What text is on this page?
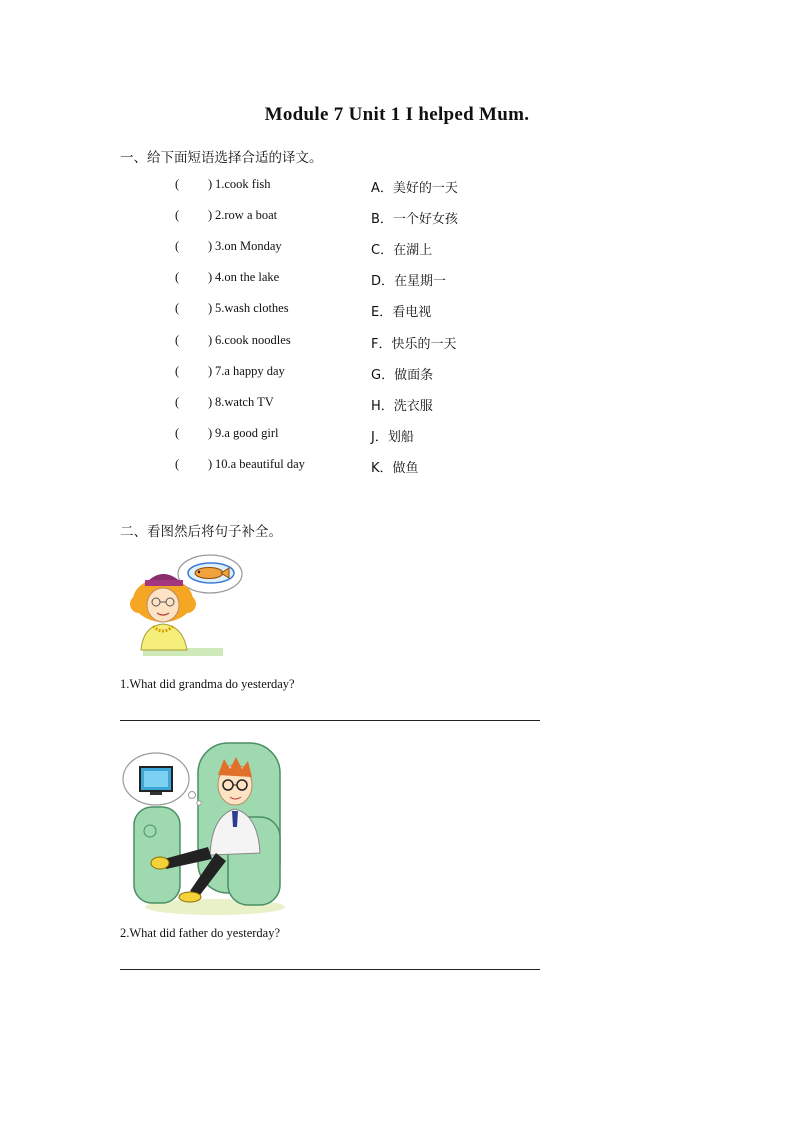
Module 7 Unit 1 I helped Mum.
一、给下面短语选择合适的译文。
( ) 1.cook fish	A．美好的一天
( ) 2.row a boat	B．一个好女孩
( ) 3.on Monday	C．在湖上
( ) 4.on the lake	D．在星期一
( ) 5.wash clothes	E．看电视
( ) 6.cook noodles	F．快乐的一天
( ) 7.a happy day	G．做面条
( ) 8.watch TV	H．洗衣服
( ) 9.a good girl	J．划船
( ) 10.a beautiful day	K．做鱼
二、看图然后将句子补全。
1.What did grandma do yesterday?
2.What did father do yesterday?
